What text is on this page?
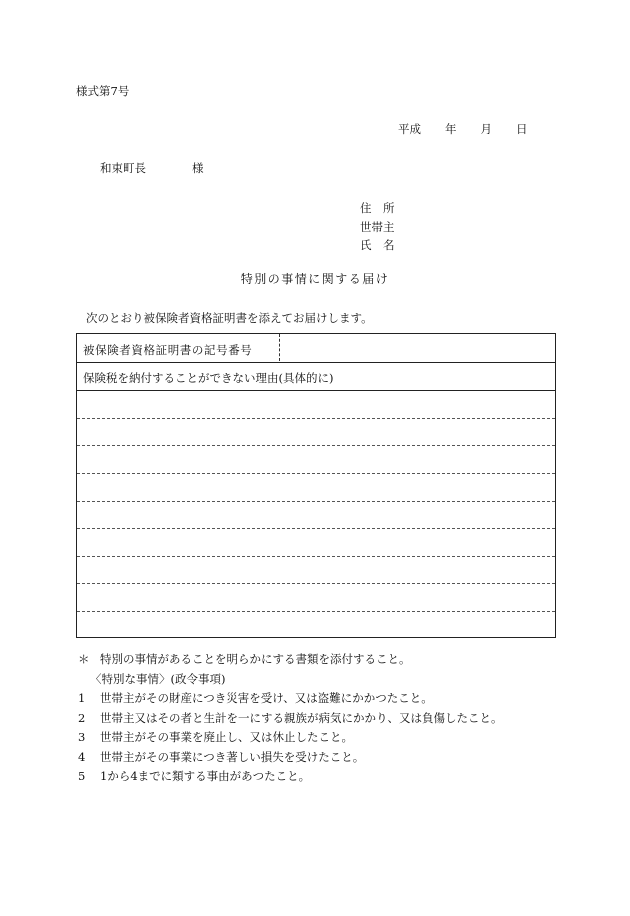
様式第7号
平成 年 月 日
和束町長	様
住　所
世帯主
氏　名
特別の事情に関する届け
次のとおり被保険者資格証明書を添えてお届けします。
被保険者資格証明書の記号番号
保険税を納付することができない理由(具体的に)
＊ 特別の事情があることを明らかにする書類を添付すること。
〈特別な事情〉(政令事項)
1 世帯主がその財産につき災害を受け、又は盗難にかかつたこと。
2 世帯主又はその者と生計を一にする親族が病気にかかり、又は負傷したこと。
3 世帯主がその事業を廃止し、又は休止したこと。
4 世帯主がその事業につき著しい損失を受けたこと。
5 1から4までに類する事由があつたこと。
